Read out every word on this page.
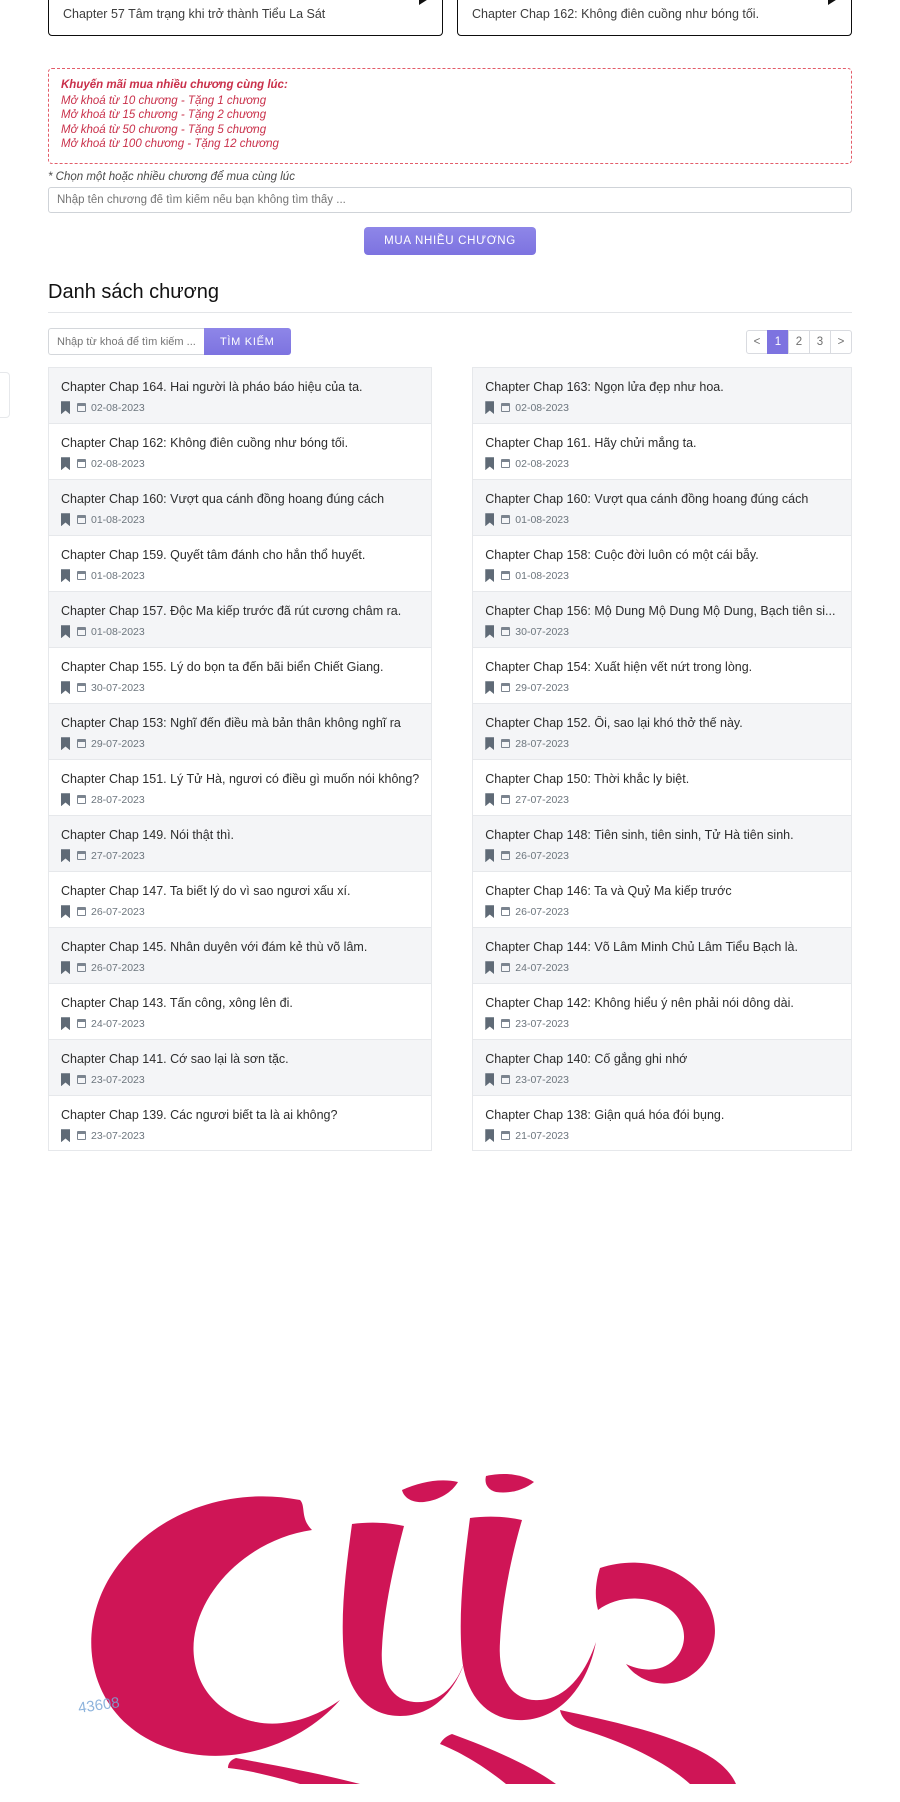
Chapter 57 Tâm trạng khi trở thành Tiểu La Sát	Chapter Chap 162: Không điên cuồng như bóng tối.
Khuyến mãi mua nhiều chương cùng lúc:
Mở khoá từ 10 chương - Tặng 1 chương
Mở khoá từ 15 chương - Tặng 2 chương
Mở khoá từ 50 chương - Tặng 5 chương
Mở khoá từ 100 chương - Tặng 12 chương
* Chọn một hoặc nhiều chương để mua cùng lúc
Nhập tên chương để tìm kiếm nếu bạn không tìm thấy ...
MUA NHIỀU CHƯƠNG
Danh sách chương
Nhập từ khoá để tìm kiếm ...
TÌM KIẾM	<	1	2	3	>
Chapter Chap 164. Hai người là pháo báo hiệu của ta.
02-08-2023
Chapter Chap 162: Không điên cuồng như bóng tối.
02-08-2023
Chapter Chap 160: Vượt qua cánh đồng hoang đúng cách
01-08-2023
Chapter Chap 159. Quyết tâm đánh cho hắn thổ huyết.
01-08-2023
Chapter Chap 157. Độc Ma kiếp trước đã rút cương châm ra.
01-08-2023
Chapter Chap 155. Lý do bọn ta đến bãi biển Chiết Giang.
30-07-2023
Chapter Chap 153: Nghĩ đến điều mà bản thân không nghĩ ra
29-07-2023
Chapter Chap 151. Lý Tử Hà, ngươi có điều gì muốn nói không?
28-07-2023
Chapter Chap 149. Nói thật thì.
27-07-2023
Chapter Chap 147. Ta biết lý do vì sao ngươi xấu xí.
26-07-2023
Chapter Chap 145. Nhân duyên với đám kẻ thù võ lâm.
26-07-2023
Chapter Chap 143. Tấn công, xông lên đi.
24-07-2023
Chapter Chap 141. Cớ sao lại là sơn tặc.
23-07-2023
Chapter Chap 139. Các ngươi biết ta là ai không?
23-07-2023
Chapter Chap 163: Ngọn lửa đẹp như hoa.
02-08-2023
Chapter Chap 161. Hãy chửi mắng ta.
02-08-2023
Chapter Chap 160: Vượt qua cánh đồng hoang đúng cách
01-08-2023
Chapter Chap 158: Cuộc đời luôn có một cái bẫy.
01-08-2023
Chapter Chap 156: Mộ Dung Mộ Dung Mộ Dung, Bạch tiên si...
30-07-2023
Chapter Chap 154: Xuất hiện vết nứt trong lòng.
29-07-2023
Chapter Chap 152. Ôi, sao lại khó thở thế này.
28-07-2023
Chapter Chap 150: Thời khắc ly biệt.
27-07-2023
Chapter Chap 148: Tiên sinh, tiên sinh, Tử Hà tiên sinh.
26-07-2023
Chapter Chap 146: Ta và Quỷ Ma kiếp trước
26-07-2023
Chapter Chap 144: Võ Lâm Minh Chủ Lâm Tiểu Bạch là.
24-07-2023
Chapter Chap 142: Không hiểu ý nên phải nói dông dài.
23-07-2023
Chapter Chap 140: Cố gắng ghi nhớ
23-07-2023
Chapter Chap 138: Giận quá hóa đói bụng.
21-07-2023
43608
